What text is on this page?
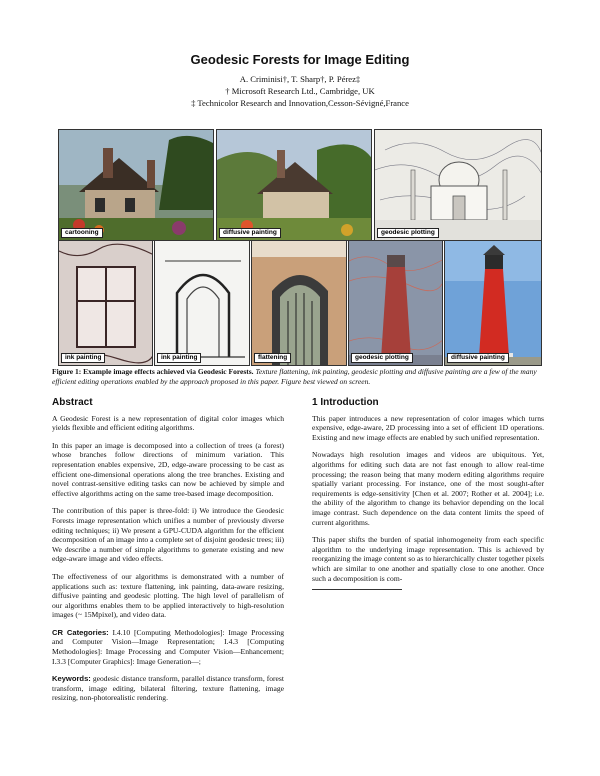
Geodesic Forests for Image Editing
A. Criminisi†, T. Sharp†, P. Pérez‡
† Microsoft Research Ltd., Cambridge, UK
‡ Technicolor Research and Innovation,Cesson-Sévigné,France
cartooning	diffusive painting	geodesic plotting
ink painting	ink painting	flattening	geodesic plotting	diffusive painting
Figure 1: Example image effects achieved via Geodesic Forests. Texture flattening, ink painting, geodesic plotting and diffusive painting are a few of the many efficient editing operations enabled by the approach proposed in this paper. Figure best viewed on screen.
Abstract

A Geodesic Forest is a new representation of digital color images which yields flexible and efficient editing algorithms.

In this paper an image is decomposed into a collection of trees (a forest) whose branches follow directions of minimum variation. This representation enables expensive, 2D, edge-aware processing to be cast as efficient one-dimensional operations along the tree branches. Existing and novel contrast-sensitive editing tasks can now be achieved by simple and effective algorithms acting on the same tree-based image decomposition.

The contribution of this paper is three-fold: i) We introduce the Geodesic Forests image representation which unifies a number of previously diverse editing techniques; ii) We present a GPU-CUDA algorithm for the efficient decomposition of an image into a complete set of disjoint geodesic trees; iii) We describe a number of simple algorithms to generate existing and new edge-aware image and video effects.

The effectiveness of our algorithms is demonstrated with a number of applications such as: texture flattening, ink painting, data-aware resizing, diffusive painting and geodesic plotting. The high level of parallelism of our algorithms enables them to be applied interactively to high-resolution images (~ 15Mpixel), and video data.

CR Categories: I.4.10 [Computing Methodologies]: Image Processing and Computer Vision—Image Representation; I.4.3 [Computing Methodologies]: Image Processing and Computer Vision—Enhancement; I.3.3 [Computer Graphics]: Image Generation—;

Keywords: geodesic distance transform, parallel distance transform, forest transform, image editing, bilateral filtering, texture flattening, image resizing, non-photorealistic rendering.

1 Introduction

This paper introduces a new representation of color images which turns expensive, edge-aware, 2D processing into a set of efficient 1D operations. Existing and new image effects are enabled by such unified representation.

Nowadays high resolution images and videos are ubiquitous. Yet, algorithms for editing such data are not fast enough to allow real-time processing; the reason being that many modern editing algorithms require spatially variant processing. For instance, one of the most sought-after requirements is edge-sensitivity [Chen et al. 2007; Rother et al. 2004]; i.e. the ability of the algorithm to change its behavior depending on the local image contrast. Such dependence on the data content limits the speed of current algorithms.

This paper shifts the burden of spatial inhomogeneity from each specific algorithm to the underlying image representation. This is achieved by reorganizing the image content so as to hierarchically cluster together pixels which are similar to one another and spatially close to one another. Once such a decomposition is com-
